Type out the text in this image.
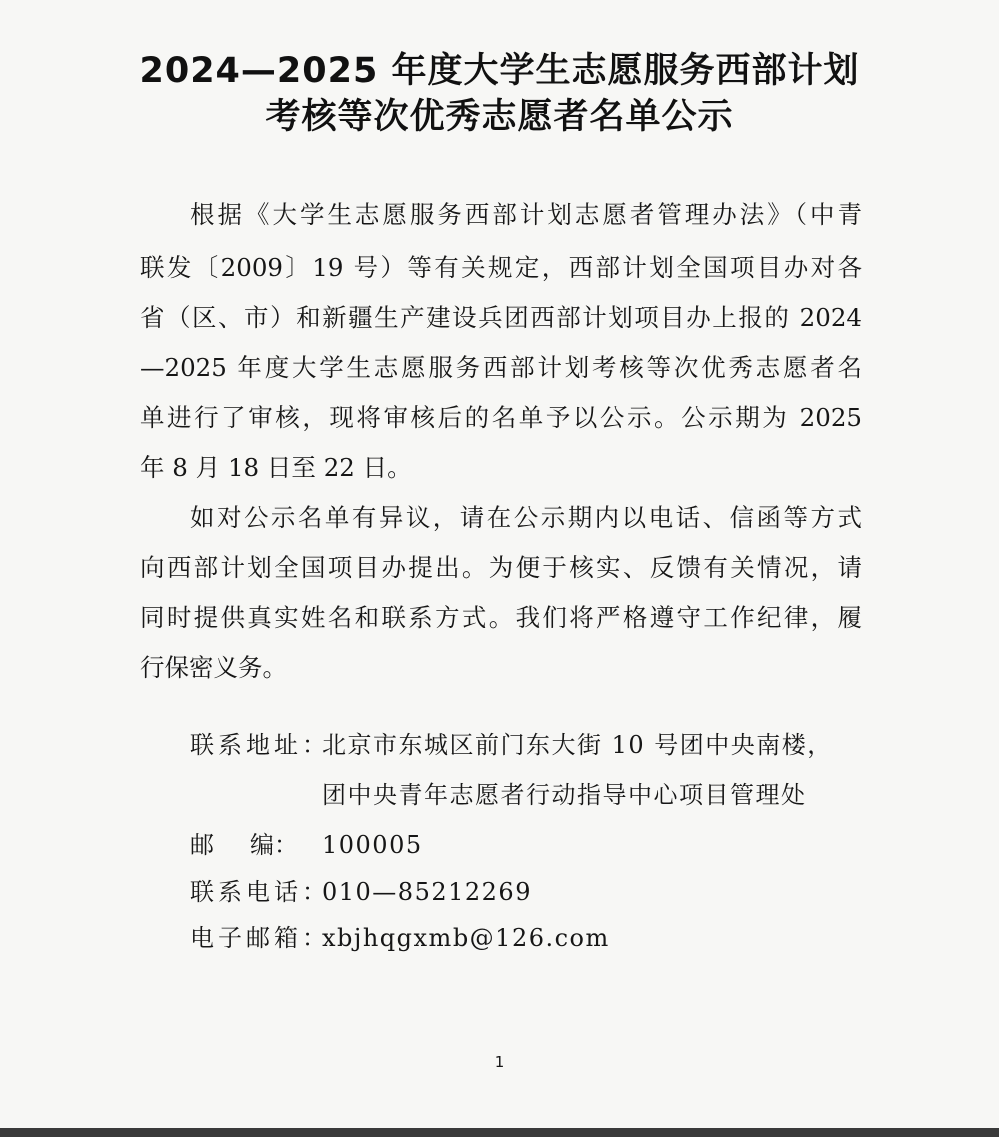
2024—2025 年度大学生志愿服务西部计划
考核等次优秀志愿者名单公示
根据《大学生志愿服务西部计划志愿者管理办法》（中青
联发〔2009〕19 号）等有关规定，西部计划全国项目办对各
省（区、市）和新疆生产建设兵团西部计划项目办上报的 2024
—2025 年度大学生志愿服务西部计划考核等次优秀志愿者名
单进行了审核，现将审核后的名单予以公示。公示期为 2025
年 8 月 18 日至 22 日。
如对公示名单有异议，请在公示期内以电话、信函等方式
向西部计划全国项目办提出。为便于核实、反馈有关情况，请
同时提供真实姓名和联系方式。我们将严格遵守工作纪律，履
行保密义务。
联系地址：北京市东城区前门东大街 10 号团中央南楼，
团中央青年志愿者行动指导中心项目管理处
邮 编： 100005
联系电话：010—85212269
电子邮箱：xbjhqgxmb@126.com
1
